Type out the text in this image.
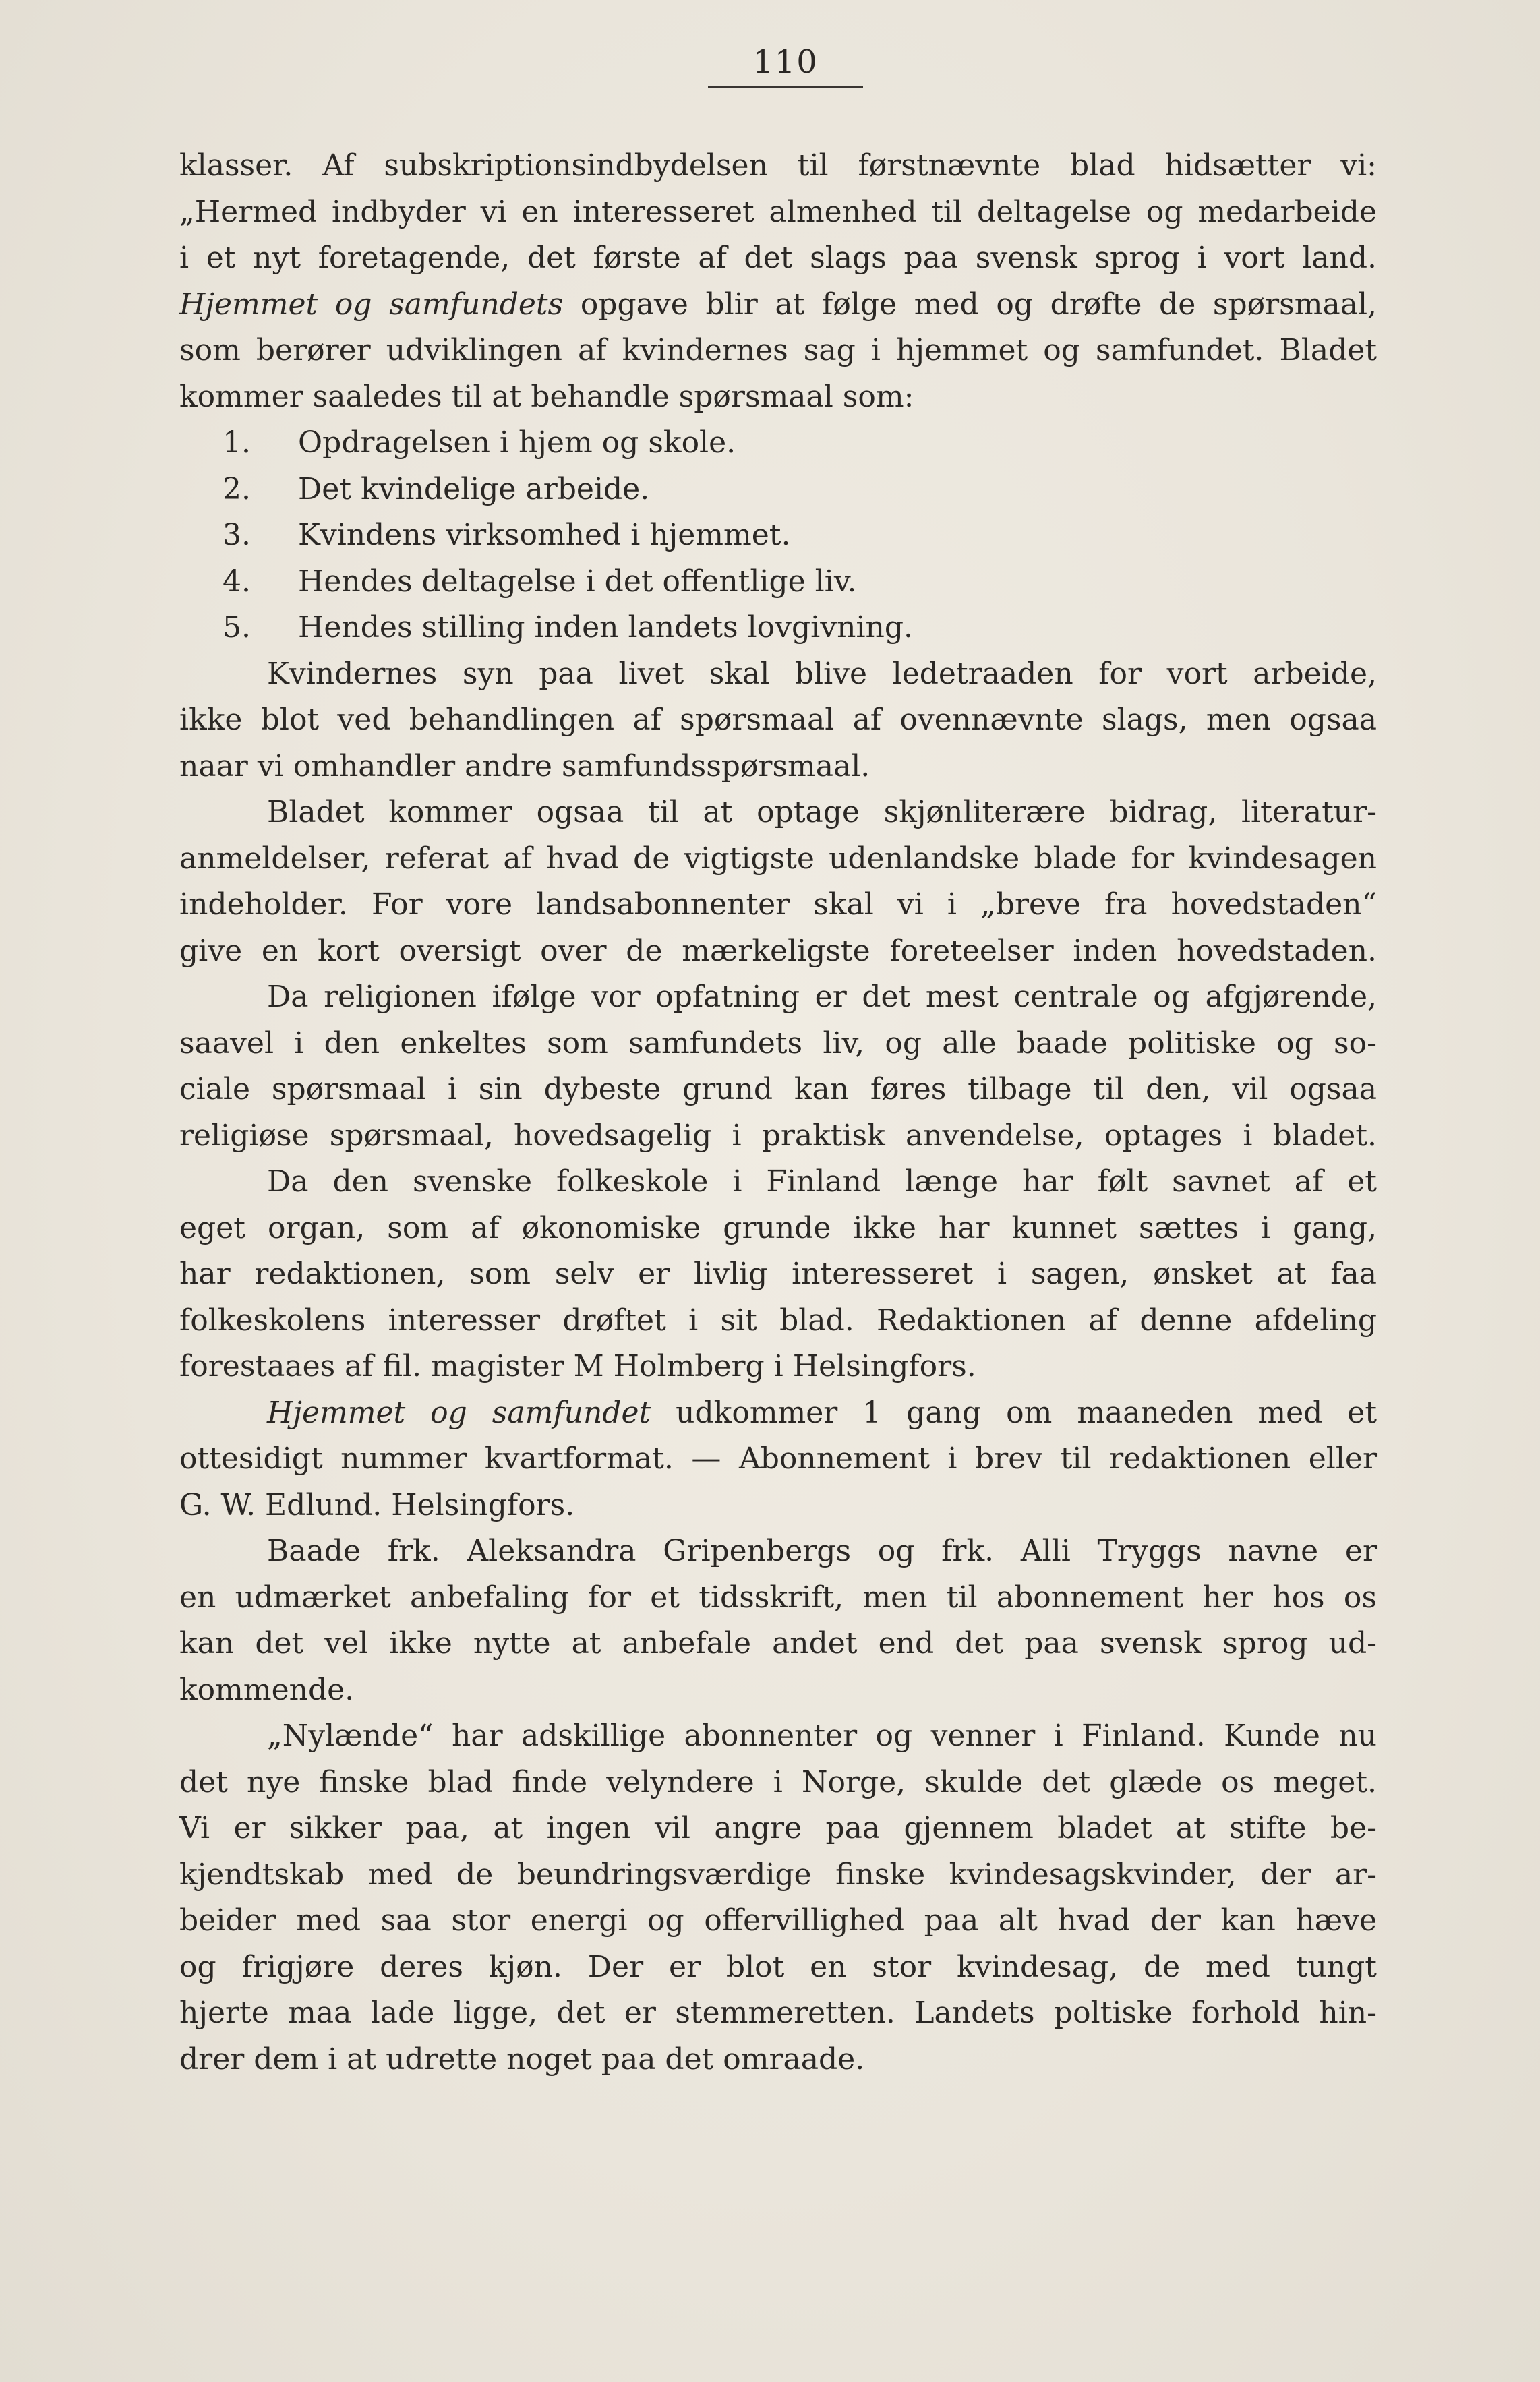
110
klasser. Af subskriptionsindbydelsen til førstnævnte blad hidsætter vi:
„Hermed indbyder vi en interesseret almenhed til deltagelse og medarbeide
i et nyt foretagende, det første af det slags paa svensk sprog i vort land.
Hjemmet og samfundets opgave blir at følge med og drøfte de spørsmaal,
som berører udviklingen af kvindernes sag i hjemmet og samfundet. Bladet
kommer saaledes til at behandle spørsmaal som:
1. Opdragelsen i hjem og skole.
2. Det kvindelige arbeide.
3. Kvindens virksomhed i hjemmet.
4. Hendes deltagelse i det offentlige liv.
5. Hendes stilling inden landets lovgivning.
Kvindernes syn paa livet skal blive ledetraaden for vort arbeide,
ikke blot ved behandlingen af spørsmaal af ovennævnte slags, men ogsaa
naar vi omhandler andre samfundsspørsmaal.
Bladet kommer ogsaa til at optage skjønliterære bidrag, literatur-
anmeldelser, referat af hvad de vigtigste udenlandske blade for kvindesagen
indeholder. For vore landsabonnenter skal vi i „breve fra hovedstaden“
give en kort oversigt over de mærkeligste foreteelser inden hovedstaden.
Da religionen ifølge vor opfatning er det mest centrale og afgjørende,
saavel i den enkeltes som samfundets liv, og alle baade politiske og so-
ciale spørsmaal i sin dybeste grund kan føres tilbage til den, vil ogsaa
religiøse spørsmaal, hovedsagelig i praktisk anvendelse, optages i bladet.
Da den svenske folkeskole i Finland længe har følt savnet af et
eget organ, som af økonomiske grunde ikke har kunnet sættes i gang,
har redaktionen, som selv er livlig interesseret i sagen, ønsket at faa
folkeskolens interesser drøftet i sit blad. Redaktionen af denne afdeling
forestaaes af fil. magister M Holmberg i Helsingfors.
Hjemmet og samfundet udkommer 1 gang om maaneden med et
ottesidigt nummer kvartformat. — Abonnement i brev til redaktionen eller
G. W. Edlund. Helsingfors.
Baade frk. Aleksandra Gripenbergs og frk. Alli Tryggs navne er
en udmærket anbefaling for et tidsskrift, men til abonnement her hos os
kan det vel ikke nytte at anbefale andet end det paa svensk sprog ud-
kommende.
„Nylænde“ har adskillige abonnenter og venner i Finland. Kunde nu
det nye finske blad finde velyndere i Norge, skulde det glæde os meget.
Vi er sikker paa, at ingen vil angre paa gjennem bladet at stifte be-
kjendtskab med de beundringsværdige finske kvindesagskvinder, der ar-
beider med saa stor energi og offervillighed paa alt hvad der kan hæve
og frigjøre deres kjøn. Der er blot en stor kvindesag, de med tungt
hjerte maa lade ligge, det er stemmeretten. Landets poltiske forhold hin-
drer dem i at udrette noget paa det omraade.
